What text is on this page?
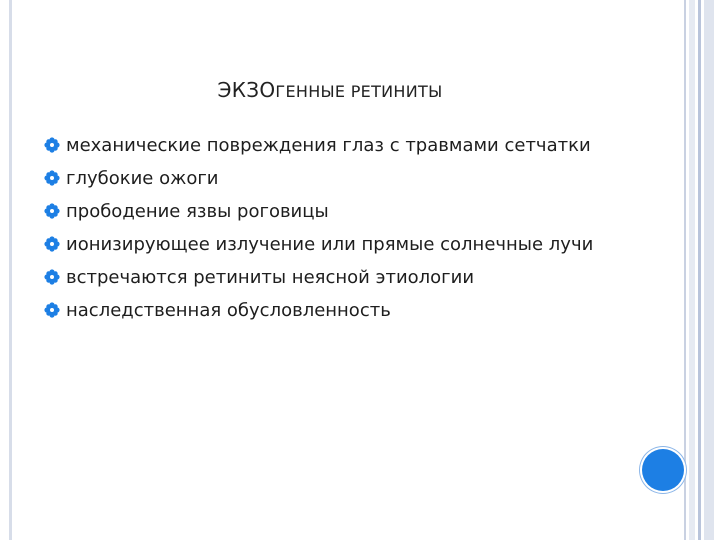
ЭКЗОГЕННЫЕ РЕТИНИТЫ
механические повреждения глаз с травмами сетчатки
глубокие ожоги
прободение язвы роговицы
ионизирующее излучение или прямые солнечные лучи
встречаются ретиниты неясной этиологии
наследственная обусловленность
